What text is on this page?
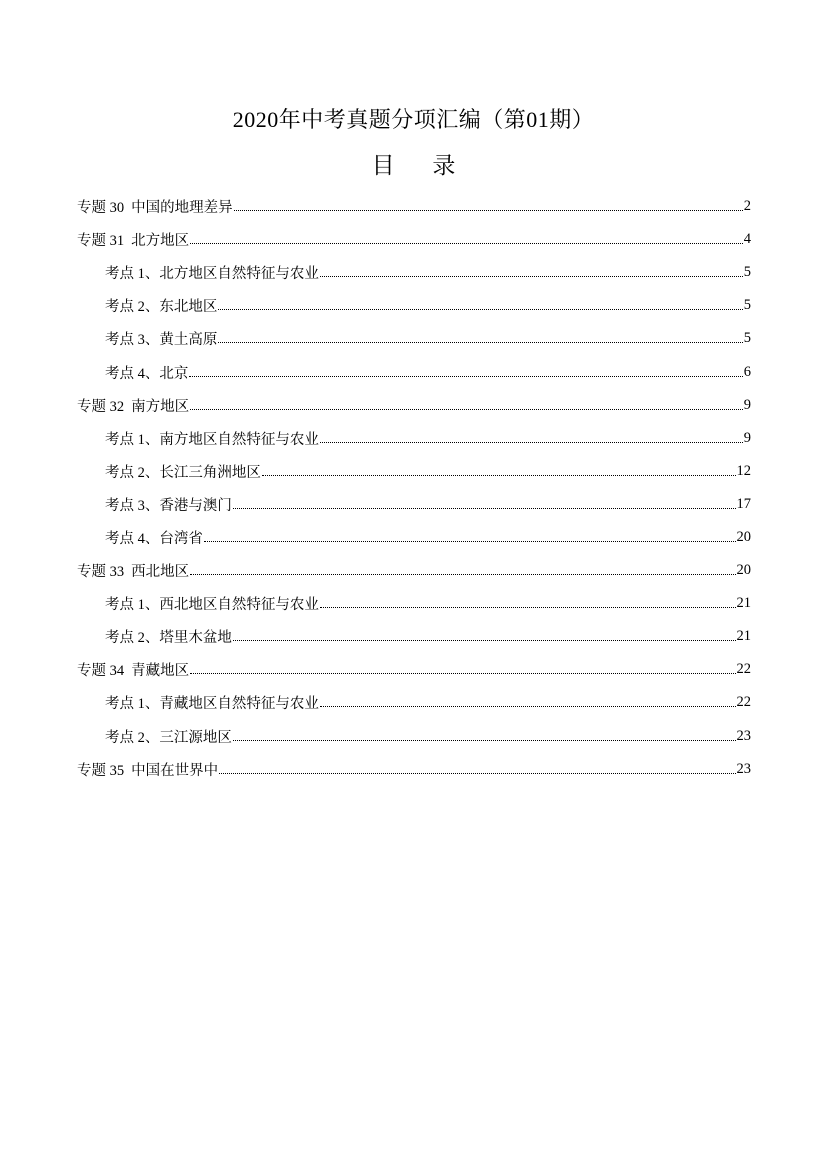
2020年中考真题分项汇编（第01期）
目 录
专题 30 中国的地理差异	2
专题 31 北方地区	4
考点 1、北方地区自然特征与农业	5
考点 2、东北地区	5
考点 3、黄土高原	5
考点 4、北京	6
专题 32 南方地区	9
考点 1、南方地区自然特征与农业	9
考点 2、长江三角洲地区	12
考点 3、香港与澳门	17
考点 4、台湾省	20
专题 33 西北地区	20
考点 1、西北地区自然特征与农业	21
考点 2、塔里木盆地	21
专题 34 青藏地区	22
考点 1、青藏地区自然特征与农业	22
考点 2、三江源地区	23
专题 35 中国在世界中	23
